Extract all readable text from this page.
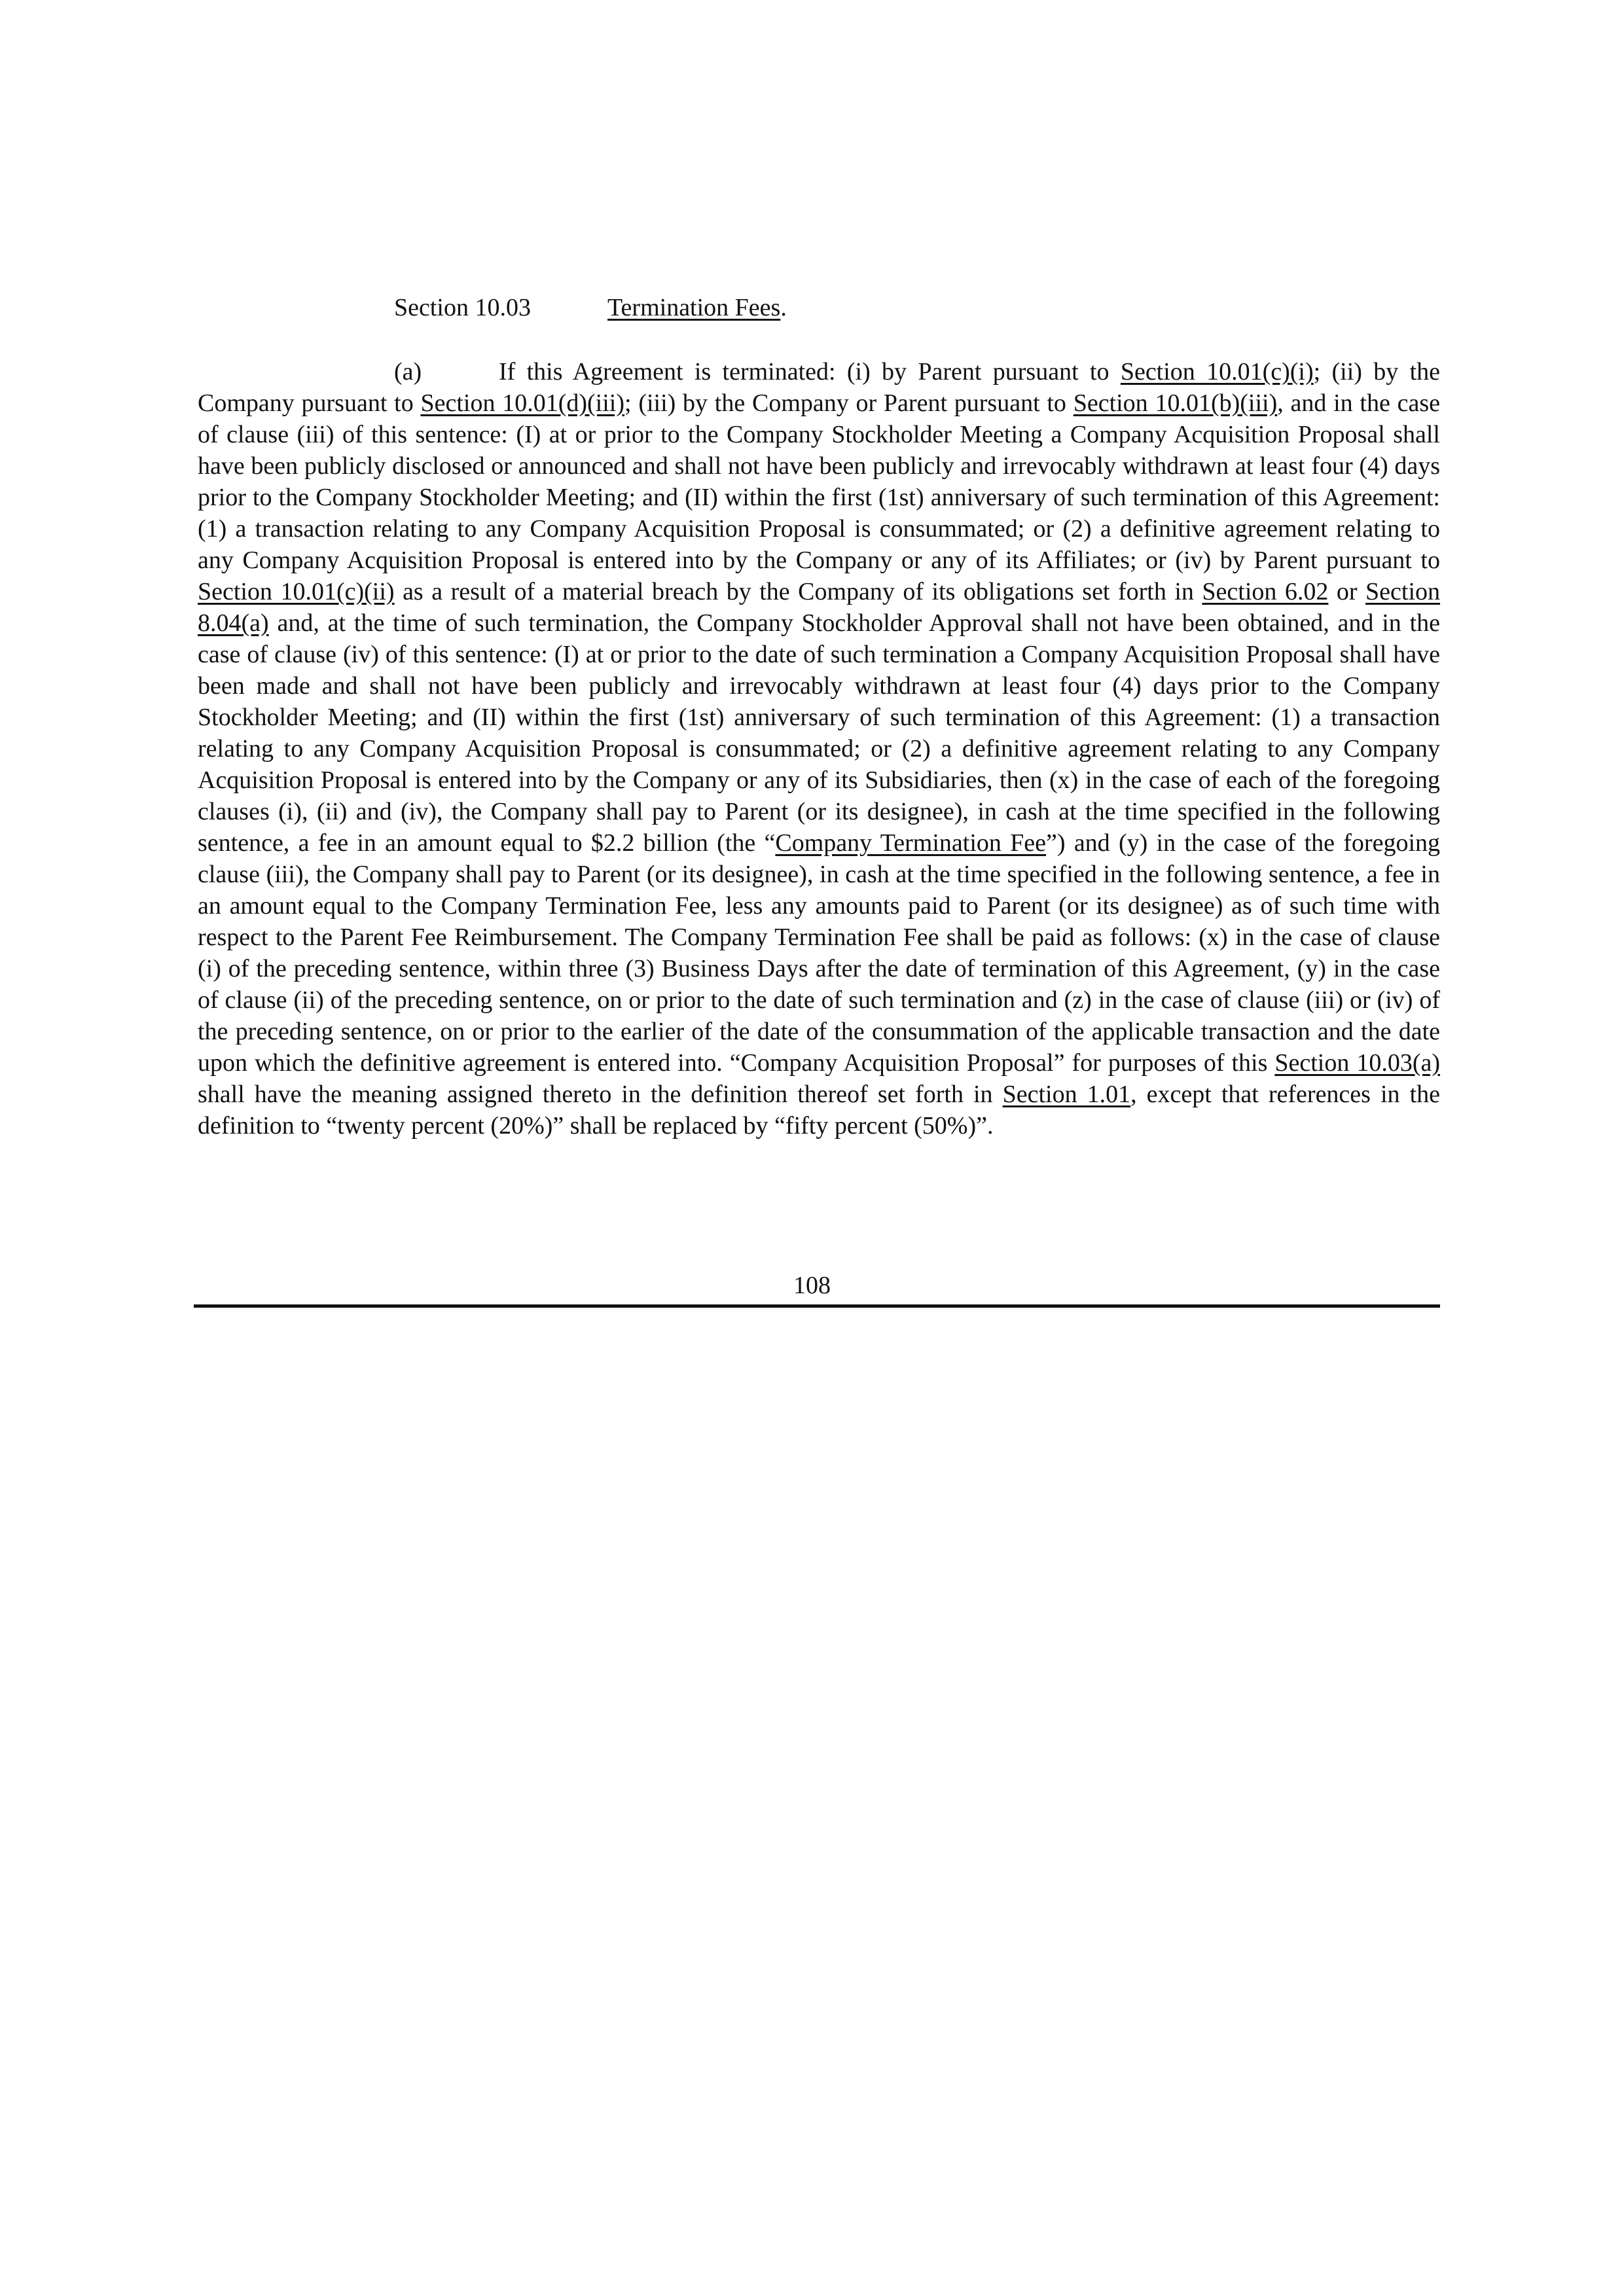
Section 10.03	Termination Fees.

(a)	If this Agreement is terminated: (i) by Parent pursuant to Section 10.01(c)(i); (ii) by the Company pursuant to Section 10.01(d)(iii); (iii) by the Company or Parent pursuant to Section 10.01(b)(iii), and in the case of clause (iii) of this sentence: (I) at or prior to the Company Stockholder Meeting a Company Acquisition Proposal shall have been publicly disclosed or announced and shall not have been publicly and irrevocably withdrawn at least four (4) days prior to the Company Stockholder Meeting; and (II) within the first (1st) anniversary of such termination of this Agreement: (1) a transaction relating to any Company Acquisition Proposal is consummated; or (2) a definitive agreement relating to any Company Acquisition Proposal is entered into by the Company or any of its Affiliates; or (iv) by Parent pursuant to Section 10.01(c)(ii) as a result of a material breach by the Company of its obligations set forth in Section 6.02 or Section 8.04(a) and, at the time of such termination, the Company Stockholder Approval shall not have been obtained, and in the case of clause (iv) of this sentence: (I) at or prior to the date of such termination a Company Acquisition Proposal shall have been made and shall not have been publicly and irrevocably withdrawn at least four (4) days prior to the Company Stockholder Meeting; and (II) within the first (1st) anniversary of such termination of this Agreement: (1) a transaction relating to any Company Acquisition Proposal is consummated; or (2) a definitive agreement relating to any Company Acquisition Proposal is entered into by the Company or any of its Subsidiaries, then (x) in the case of each of the foregoing clauses (i), (ii) and (iv), the Company shall pay to Parent (or its designee), in cash at the time specified in the following sentence, a fee in an amount equal to $2.2 billion (the “Company Termination Fee”) and (y) in the case of the foregoing clause (iii), the Company shall pay to Parent (or its designee), in cash at the time specified in the following sentence, a fee in an amount equal to the Company Termination Fee, less any amounts paid to Parent (or its designee) as of such time with respect to the Parent Fee Reimbursement. The Company Termination Fee shall be paid as follows: (x) in the case of clause (i) of the preceding sentence, within three (3) Business Days after the date of termination of this Agreement, (y) in the case of clause (ii) of the preceding sentence, on or prior to the date of such termination and (z) in the case of clause (iii) or (iv) of the preceding sentence, on or prior to the earlier of the date of the consummation of the applicable transaction and the date upon which the definitive agreement is entered into. “Company Acquisition Proposal” for purposes of this Section 10.03(a) shall have the meaning assigned thereto in the definition thereof set forth in Section 1.01, except that references in the definition to “twenty percent (20%)” shall be replaced by “fifty percent (50%)”.

108
